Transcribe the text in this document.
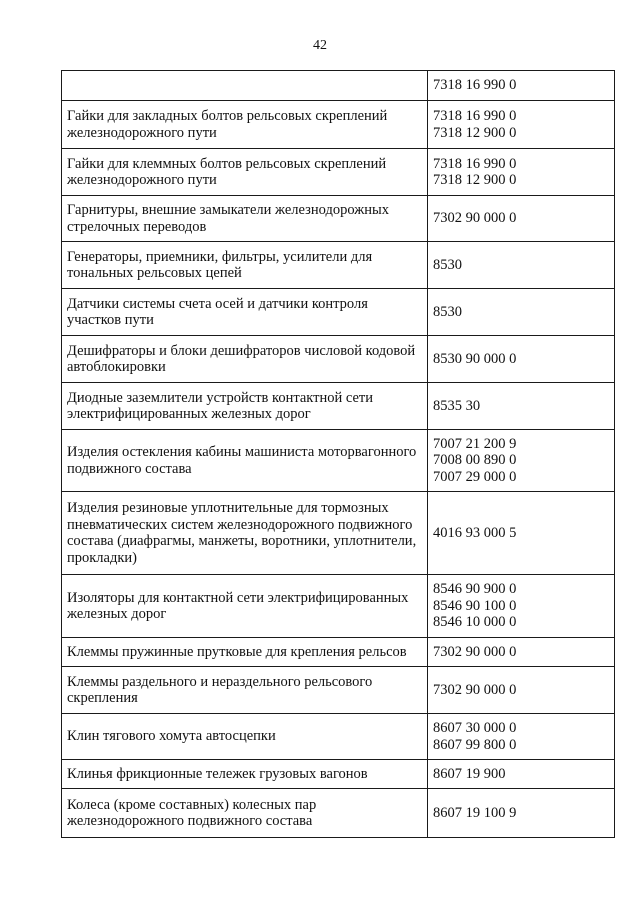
42

	7318 16 990 0

Гайки для закладных болтов рельсовых скреплений железнодорожного пути	7318 16 990 0
7318 12 900 0

Гайки для клеммных болтов рельсовых скреплений железнодорожного пути	7318 16 990 0
7318 12 900 0

Гарнитуры, внешние замыкатели железнодорожных стрелочных переводов	7302 90 000 0

Генераторы, приемники, фильтры, усилители для тональных рельсовых цепей	8530

Датчики системы счета осей и датчики контроля участков пути	8530

Дешифраторы и блоки дешифраторов числовой кодовой автоблокировки	8530 90 000 0

Диодные заземлители устройств контактной сети электрифицированных железных дорог	8535 30

Изделия остекления кабины машиниста моторвагонного подвижного состава	7007 21 200 9
7008 00 890 0
7007 29 000 0

Изделия резиновые уплотнительные для тормозных пневматических систем железнодорожного подвижного состава (диафрагмы, манжеты, воротники, уплотнители, прокладки)	4016 93 000 5

Изоляторы для контактной сети электрифицированных железных дорог	8546 90 900 0
8546 90 100 0
8546 10 000 0

Клеммы пружинные прутковые для крепления рельсов	7302 90 000 0

Клеммы раздельного и нераздельного рельсового скрепления	7302 90 000 0

Клин тягового хомута автосцепки	8607 30 000 0
8607 99 800 0

Клинья фрикционные тележек грузовых вагонов	8607 19 900

Колеса (кроме составных) колесных пар железнодорожного подвижного состава	8607 19 100 9
